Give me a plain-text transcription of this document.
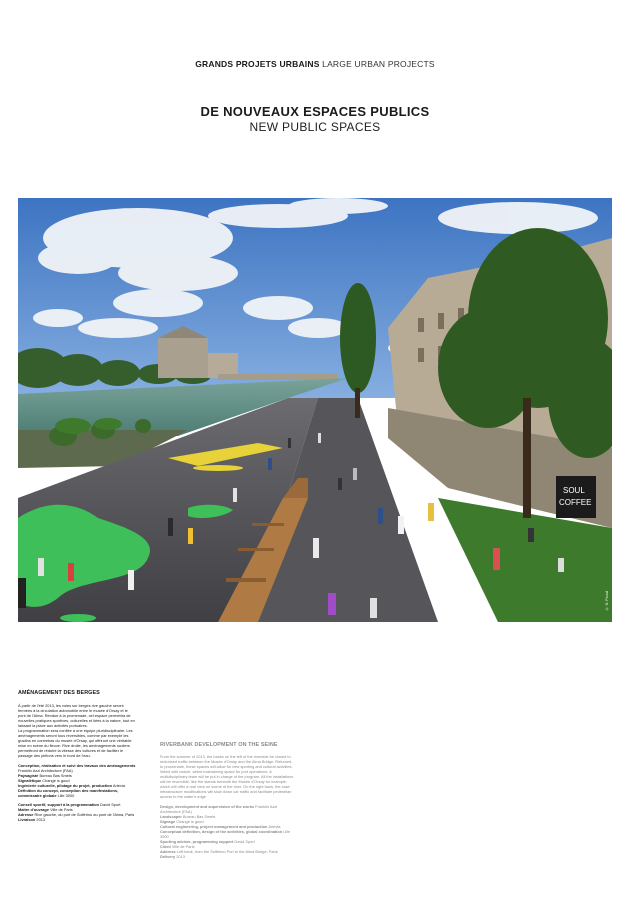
GRANDS PROJETS URBAINS LARGE URBAN PROJECTS
DE NOUVEAUX ESPACES PUBLICS
NEW PUBLIC SPACES
SOUL
COFFEE
© G. Picout
AMÉNAGEMENT DES BERGES

À partir de l'été 2013, les voies sur berges rive gauche seront fermées à la circulation automobile entre le musée d'Orsay et le pont de l'Alma. Rendue à la promenade, cet espace permettra de nouvelles pratiques sportives, culturelles et liées à la nature, tout en laissant la place aux activités portuaires.

La programmation sera confiée à une équipe pluridisciplinaire. Les aménagements seront tous réversibles, comme par exemple les gradins en contrebas du musée d'Orsay, qui offriront une véritable mise en scène du fleuve. Rive droite, les aménagements routiers permettront de réduire la vitesse des voitures et de faciliter le passage des piétons vers le bord de l'eau.

Conception, réalisation et suivi des travaux des aménagements Franklin Azzi Architecture (FAA)
Paysagiste Bureau Bas Smets
Signalétique Change is good
Ingénierie culturelle, pilotage du projet, production Artevia
Définition du concept, conception des manifestations, commissaire globale Lille 3000
Conseil sportif, support à la programmation David Sport
Maître d'ouvrage Ville de Paris
Adresse Rive gauche, du port de Solférino au pont de l'Alma, Paris
Livraison 2013
RIVERBANK DEVELOPMENT ON THE SEINE
From the summer of 2013, the banks on the left of the riverside be closed to motorised traffic between the Musée d'Orsay and the Alma Bridge. Returned to promenade, these spaces will allow for new sporting and cultural activities, linked with nature, whilst maintaining space for port operations. A multidisciplinary team will be put in charge of the program. All the installations will be reversible, like the stands beneath the Musée d'Orsay for example, which will offer a real view on scene of the river. On the right bank, the road infrastructure modifications will slow down car traffic and facilitate pedestrian access to the water's edge.
Design, development and supervision of the works Franklin Azzi Architecture (FAA)
Landscaper Bureau Bas Smets
Signage Change is good
Cultural engineering, project management and production Artevia
Conceptual definition, design of the activities, global coordination Lille 3000
Sporting adviser, programming support David Sport
Client Ville de Paris
Address Left bank, from the Solférino Port to the Alma Bridge, Paris
Delivery 2013
